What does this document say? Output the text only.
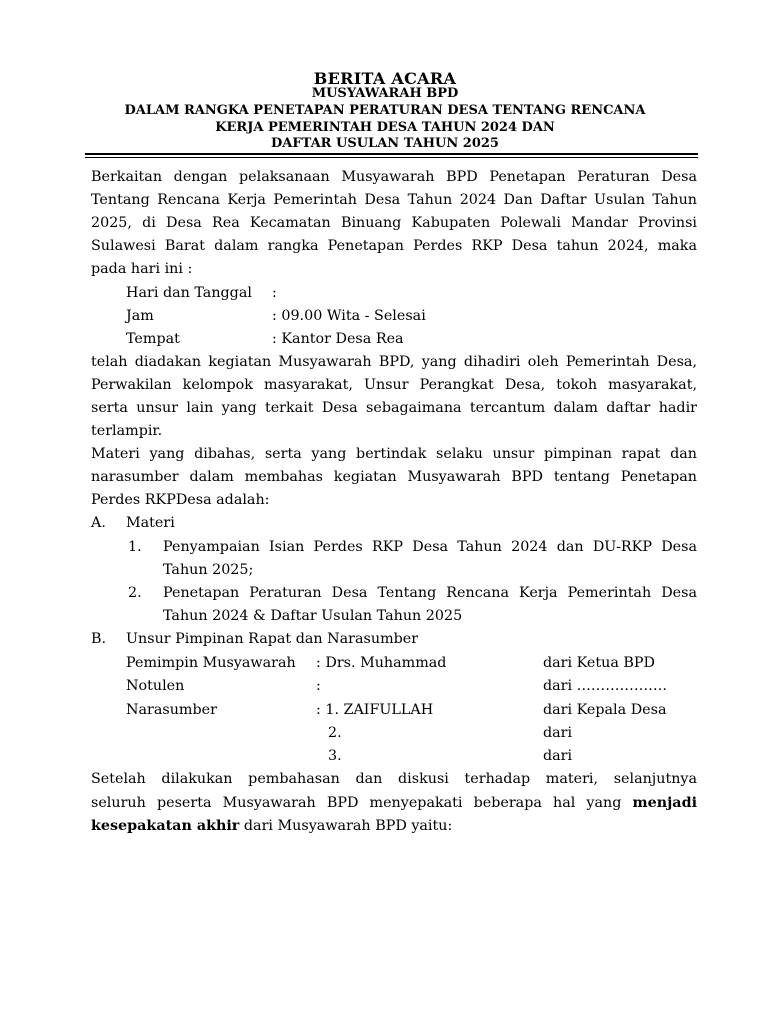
BERITA ACARA
MUSYAWARAH BPD
DALAM RANGKA PENETAPAN PERATURAN DESA TENTANG RENCANA
KERJA PEMERINTAH DESA TAHUN 2024 DAN
DAFTAR USULAN TAHUN 2025
Berkaitan dengan pelaksanaan Musyawarah BPD Penetapan Peraturan Desa
Tentang Rencana Kerja Pemerintah Desa Tahun 2024 Dan Daftar Usulan Tahun
2025, di Desa Rea Kecamatan Binuang Kabupaten Polewali Mandar Provinsi
Sulawesi Barat dalam rangka Penetapan Perdes RKP Desa tahun 2024, maka
pada hari ini :
Hari dan Tanggal :
Jam	: 09.00 Wita - Selesai
Tempat	: Kantor Desa Rea
telah diadakan kegiatan Musyawarah BPD, yang dihadiri oleh Pemerintah Desa,
Perwakilan kelompok masyarakat, Unsur Perangkat Desa, tokoh masyarakat,
serta unsur lain yang terkait Desa sebagaimana tercantum dalam daftar hadir
terlampir.
Materi yang dibahas, serta yang bertindak selaku unsur pimpinan rapat dan
narasumber dalam membahas kegiatan Musyawarah BPD tentang Penetapan
Perdes RKPDesa adalah:
A. Materi
1. Penyampaian Isian Perdes RKP Desa Tahun 2024 dan DU-RKP Desa
Tahun 2025;
2. Penetapan Peraturan Desa Tentang Rencana Kerja Pemerintah Desa
Tahun 2024 & Daftar Usulan Tahun 2025
B. Unsur Pimpinan Rapat dan Narasumber
Pemimpin Musyawarah : Drs. Muhammad	dari Ketua BPD
Notulen	:	dari ……………….
Narasumber	: 1. ZAIFULLAH	dari Kepala Desa
2.	dari
3.	dari
Setelah dilakukan pembahasan dan diskusi terhadap materi, selanjutnya
seluruh peserta Musyawarah BPD menyepakati beberapa hal yang menjadi
kesepakatan akhir dari Musyawarah BPD yaitu:
